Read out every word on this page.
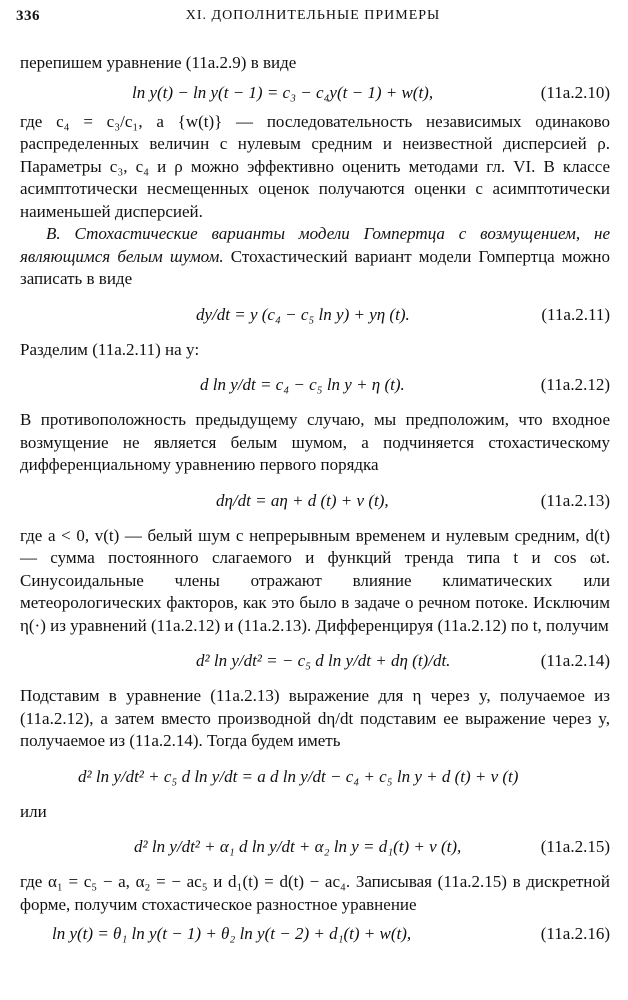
336	XI. ДОПОЛНИТЕЛЬНЫЕ ПРИМЕРЫ

перепишем уравнение (11а.2.9) в виде

ln y(t) − ln y(t − 1) = c₃ − c₄y(t − 1) + w(t),	(11а.2.10)

где c₄ = c₃/c₁, а {w(t)} — последовательность независимых одинаково распределенных величин с нулевым средним и неизвестной дисперсией ρ. Параметры c₃, c₄ и ρ можно эффективно оценить методами гл. VI. В классе асимптотически несмещенных оценок получаются оценки с асимптотически наименьшей дисперсией.

B. Стохастические варианты модели Гомпертца с возмущением, не являющимся белым шумом. Стохастический вариант модели Гомпертца можно записать в виде

dy/dt = y (c₄ − c₅ ln y) + yη (t).	(11а.2.11)

Разделим (11а.2.11) на y:

d ln y/dt = c₄ − c₅ ln y + η (t).	(11а.2.12)

В противоположность предыдущему случаю, мы предположим, что входное возмущение не является белым шумом, а подчиняется стохастическому дифференциальному уравнению первого порядка

dη/dt = aη + d (t) + v (t),	(11а.2.13)

где a < 0, v(t) — белый шум с непрерывным временем и нулевым средним, d(t) — сумма постоянного слагаемого и функций тренда типа t и cos ωt. Синусоидальные члены отражают влияние климатических или метеорологических факторов, как это было в задаче о речном потоке. Исключим η(·) из уравнений (11а.2.12) и (11а.2.13). Дифференцируя (11а.2.12) по t, получим

d² ln y/dt² = − c₅ d ln y/dt + dη (t)/dt.	(11а.2.14)

Подставим в уравнение (11а.2.13) выражение для η через y, получаемое из (11а.2.12), а затем вместо производной dη/dt подставим ее выражение через y, получаемое из (11а.2.14). Тогда будем иметь

d² ln y/dt² + c₅ d ln y/dt = a d ln y/dt − c₄ + c₅ ln y + d (t) + v (t)

или

d² ln y/dt² + α₁ d ln y/dt + α₂ ln y = d₁(t) + v (t),	(11а.2.15)

где α₁ = c₅ − a, α₂ = − ac₅ и d₁(t) = d(t) − ac₄. Записывая (11а.2.15) в дискретной форме, получим стохастическое разностное уравнение

ln y(t) = θ₁ ln y(t − 1) + θ₂ ln y(t − 2) + d₁(t) + w(t),	(11а.2.16)
